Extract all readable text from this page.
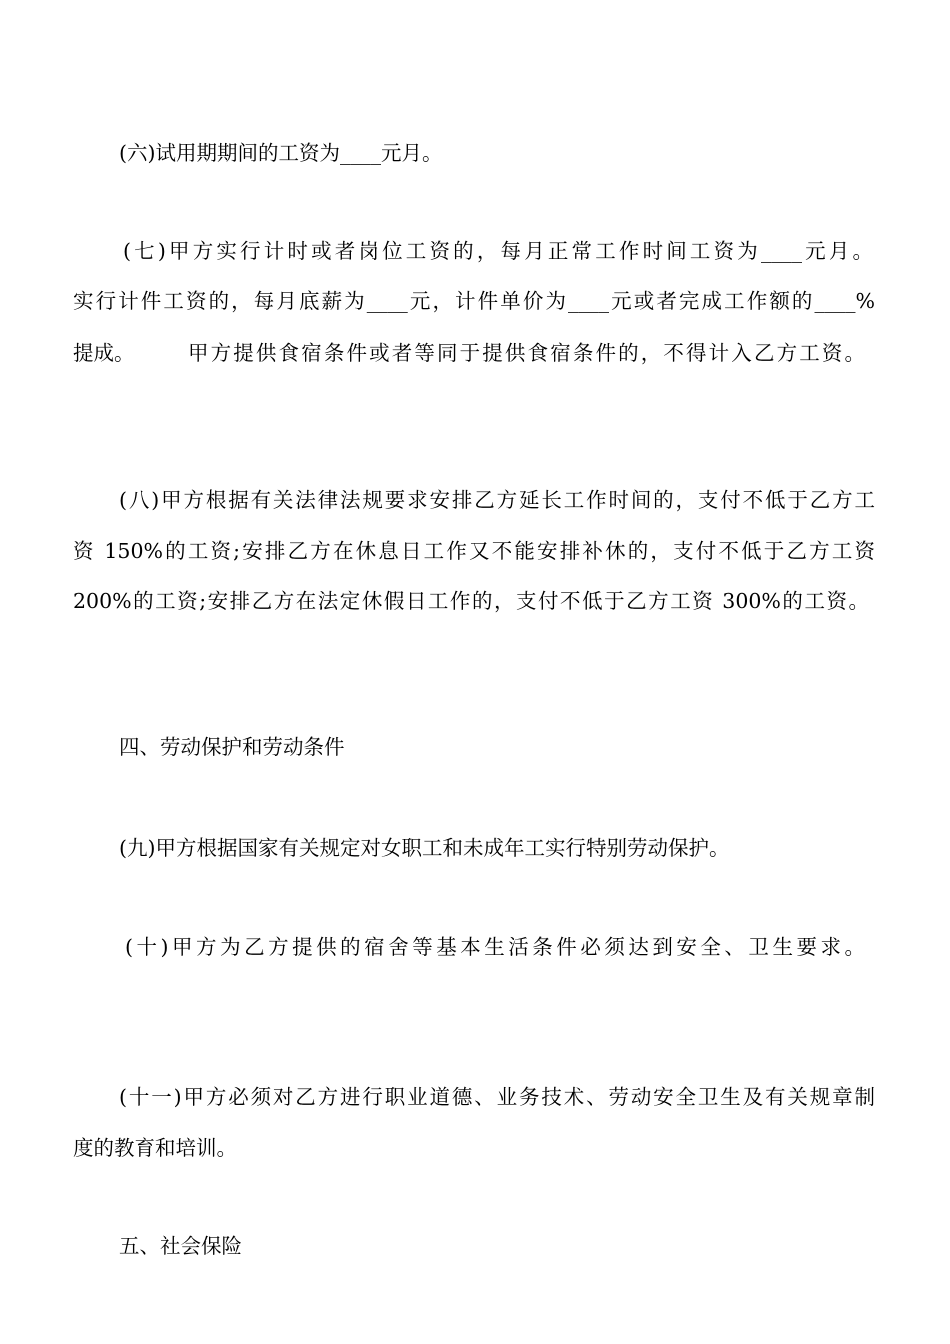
(六)试用期期间的工资为____元月。
(七)甲方实行计时或者岗位工资的，每月正常工作时间工资为____元月。
实行计件工资的，每月底薪为____元，计件单价为____元或者完成工作额的____%
提成。	甲方提供食宿条件或者等同于提供食宿条件的，不得计入乙方工资。
(八)甲方根据有关法律法规要求安排乙方延长工作时间的，支付不低于乙方工
资 150%的工资;安排乙方在休息日工作又不能安排补休的，支付不低于乙方工资
200%的工资;安排乙方在法定休假日工作的，支付不低于乙方工资 300%的工资。
四、劳动保护和劳动条件
(九)甲方根据国家有关规定对女职工和未成年工实行特别劳动保护。
(十)甲方为乙方提供的宿舍等基本生活条件必须达到安全、卫生要求。
(十一)甲方必须对乙方进行职业道德、业务技术、劳动安全卫生及有关规章制
度的教育和培训。
五、社会保险
